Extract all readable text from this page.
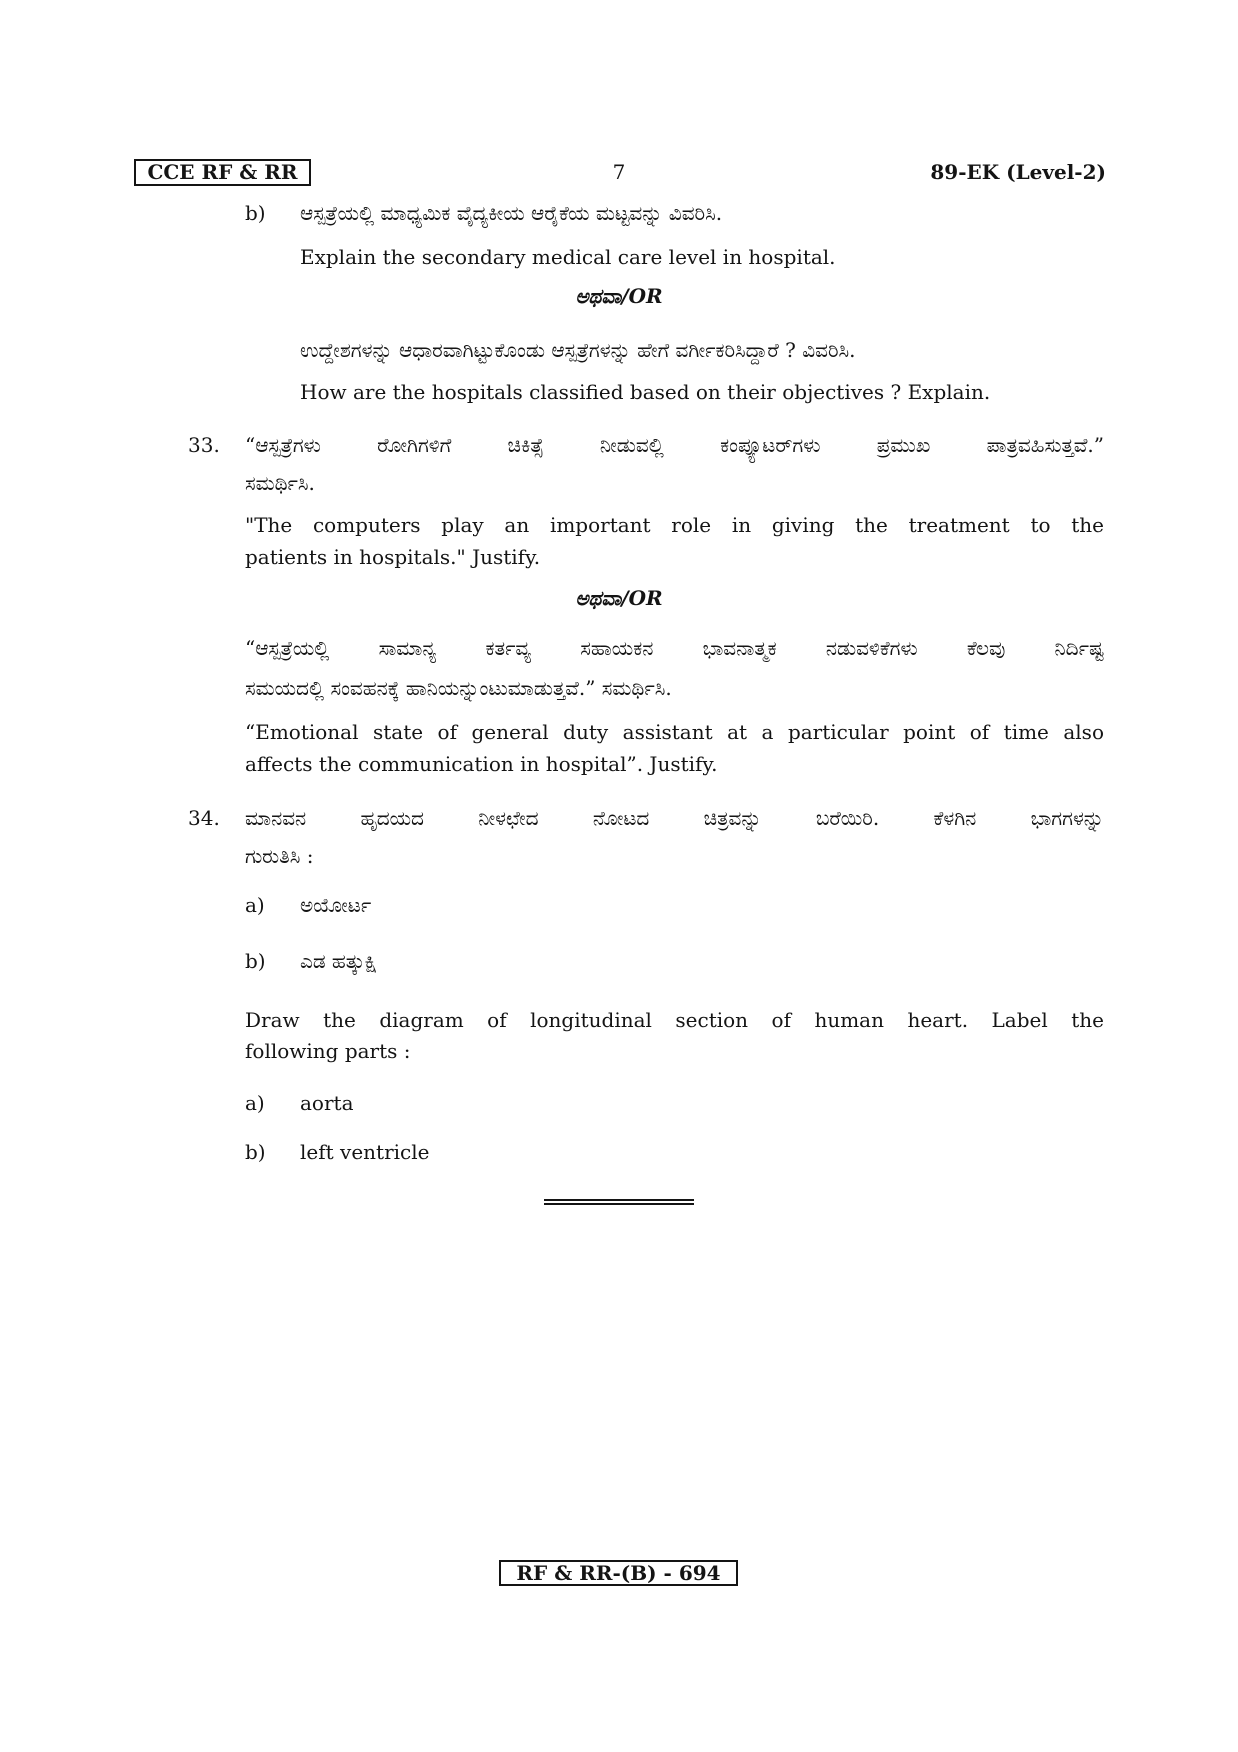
CCE RF & RR	7	89-EK (Level-2)
b)	ಆಸ್ಪತ್ರೆಯಲ್ಲಿ ಮಾಧ್ಯಮಿಕ ವೈದ್ಯಕೀಯ ಆರೈಕೆಯ ಮಟ್ಟವನ್ನು ವಿವರಿಸಿ.
Explain the secondary medical care level in hospital.
ಅಥವಾ/OR
ಉದ್ದೇಶಗಳನ್ನು ಆಧಾರವಾಗಿಟ್ಟುಕೊಂಡು ಆಸ್ಪತ್ರೆಗಳನ್ನು ಹೇಗೆ ವರ್ಗೀಕರಿಸಿದ್ದಾರೆ ? ವಿವರಿಸಿ.
How are the hospitals classified based on their objectives ? Explain.
33.	“ಆಸ್ಪತ್ರೆಗಳು ರೋಗಿಗಳಿಗೆ ಚಿಕಿತ್ಸೆ ನೀಡುವಲ್ಲಿ ಕಂಪ್ಯೂಟರ್‌ಗಳು ಪ್ರಮುಖ ಪಾತ್ರವಹಿಸುತ್ತವೆ.”
ಸಮರ್ಥಿಸಿ.
"The computers play an important role in giving the treatment to the
patients in hospitals." Justify.
ಅಥವಾ/OR
“ಆಸ್ಪತ್ರೆಯಲ್ಲಿ ಸಾಮಾನ್ಯ ಕರ್ತವ್ಯ ಸಹಾಯಕನ ಭಾವನಾತ್ಮಕ ನಡುವಳಿಕೆಗಳು ಕೆಲವು ನಿರ್ದಿಷ್ಟ
ಸಮಯದಲ್ಲಿ ಸಂವಹನಕ್ಕೆ ಹಾನಿಯನ್ನುಂಟುಮಾಡುತ್ತವೆ.” ಸಮರ್ಥಿಸಿ.
“Emotional state of general duty assistant at a particular point of time also
affects the communication in hospital”. Justify.
34.	ಮಾನವನ ಹೃದಯದ ನೀಳಛೇದ ನೋಟದ ಚಿತ್ರವನ್ನು ಬರೆಯಿರಿ. ಕೆಳಗಿನ ಭಾಗಗಳನ್ನು
ಗುರುತಿಸಿ :
a)	ಅಯೋರ್ಟ
b)	ಎಡ ಹತ್ಕುಕ್ಷಿ
Draw the diagram of longitudinal section of human heart. Label the
following parts :
a)	aorta
b)	left ventricle
RF & RR-(B) - 694
